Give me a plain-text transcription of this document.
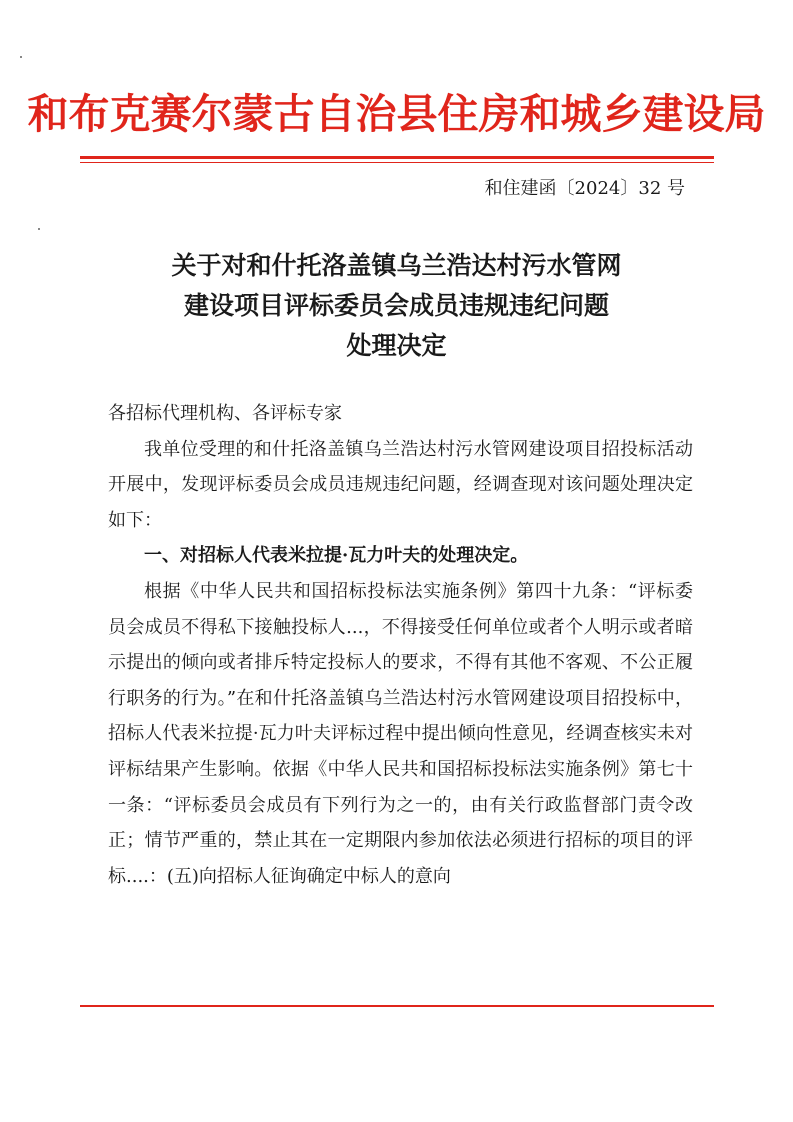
和布克赛尔蒙古自治县住房和城乡建设局
和住建函〔2024〕32 号
关于对和什托洛盖镇乌兰浩达村污水管网
建设项目评标委员会成员违规违纪问题
处理决定

各招标代理机构、各评标专家

我单位受理的和什托洛盖镇乌兰浩达村污水管网建设项目招投标活动开展中，发现评标委员会成员违规违纪问题，经调查现对该问题处理决定如下：

一、对招标人代表米拉提·瓦力叶夫的处理决定。

根据《中华人民共和国招标投标法实施条例》第四十九条：“评标委员会成员不得私下接触投标人...，不得接受任何单位或者个人明示或者暗示提出的倾向或者排斥特定投标人的要求，不得有其他不客观、不公正履行职务的行为。”在和什托洛盖镇乌兰浩达村污水管网建设项目招投标中，招标人代表米拉提·瓦力叶夫评标过程中提出倾向性意见，经调查核实未对评标结果产生影响。依据《中华人民共和国招标投标法实施条例》第七十一条：“评标委员会成员有下列行为之一的，由有关行政监督部门责令改正；情节严重的，禁止其在一定期限内参加依法必须进行招标的项目的评标....：(五)向招标人征询确定中标人的意向
